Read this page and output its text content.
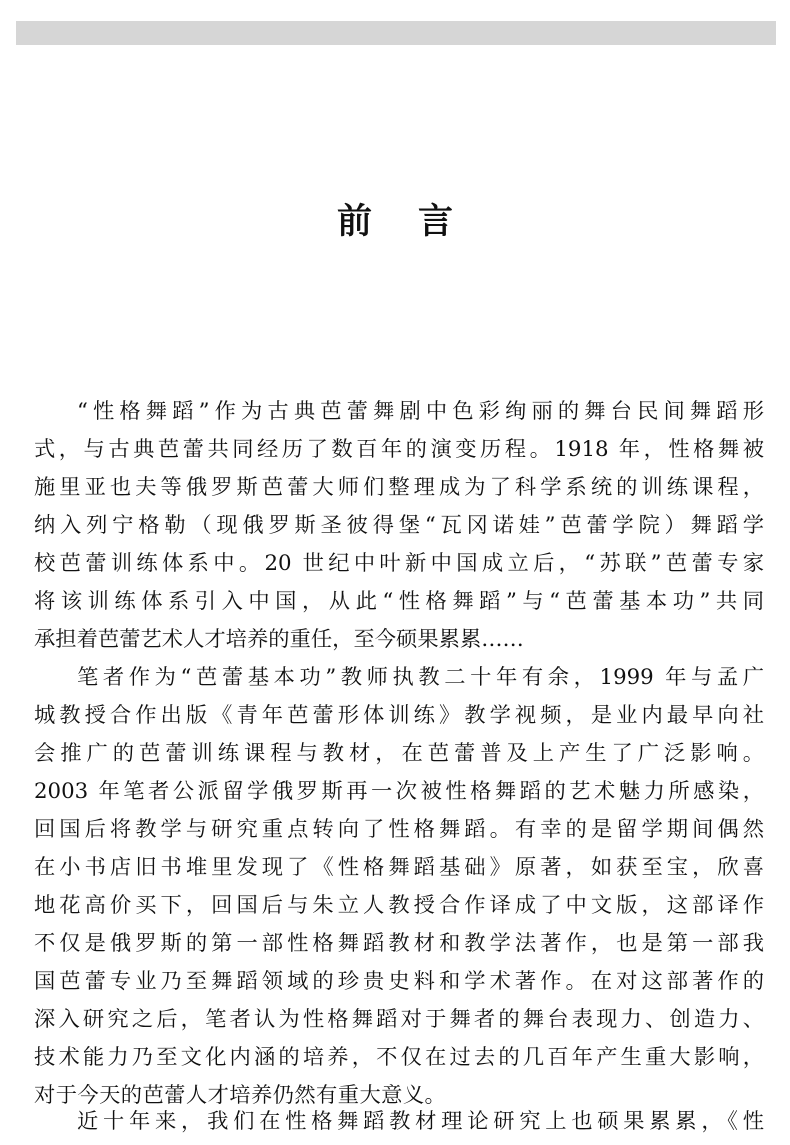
前言
“性格舞蹈”作为古典芭蕾舞剧中色彩绚丽的舞台民间舞蹈形
式，与古典芭蕾共同经历了数百年的演变历程。1918 年，性格舞被
施里亚也夫等俄罗斯芭蕾大师们整理成为了科学系统的训练课程，
纳入列宁格勒（现俄罗斯圣彼得堡“瓦冈诺娃”芭蕾学院）舞蹈学
校芭蕾训练体系中。20 世纪中叶新中国成立后，“苏联”芭蕾专家
将该训练体系引入中国，从此“性格舞蹈”与“芭蕾基本功”共同
承担着芭蕾艺术人才培养的重任，至今硕果累累……
笔者作为“芭蕾基本功”教师执教二十年有余，1999 年与孟广
城教授合作出版《青年芭蕾形体训练》教学视频，是业内最早向社
会推广的芭蕾训练课程与教材，在芭蕾普及上产生了广泛影响。
2003 年笔者公派留学俄罗斯再一次被性格舞蹈的艺术魅力所感染，
回国后将教学与研究重点转向了性格舞蹈。有幸的是留学期间偶然
在小书店旧书堆里发现了《性格舞蹈基础》原著，如获至宝，欣喜
地花高价买下，回国后与朱立人教授合作译成了中文版，这部译作
不仅是俄罗斯的第一部性格舞蹈教材和教学法著作，也是第一部我
国芭蕾专业乃至舞蹈领域的珍贵史料和学术著作。在对这部著作的
深入研究之后，笔者认为性格舞蹈对于舞者的舞台表现力、创造力、
技术能力乃至文化内涵的培养，不仅在过去的几百年产生重大影响，
对于今天的芭蕾人才培养仍然有重大意义。
近十年来，我们在性格舞蹈教材理论研究上也硕果累累，《性
